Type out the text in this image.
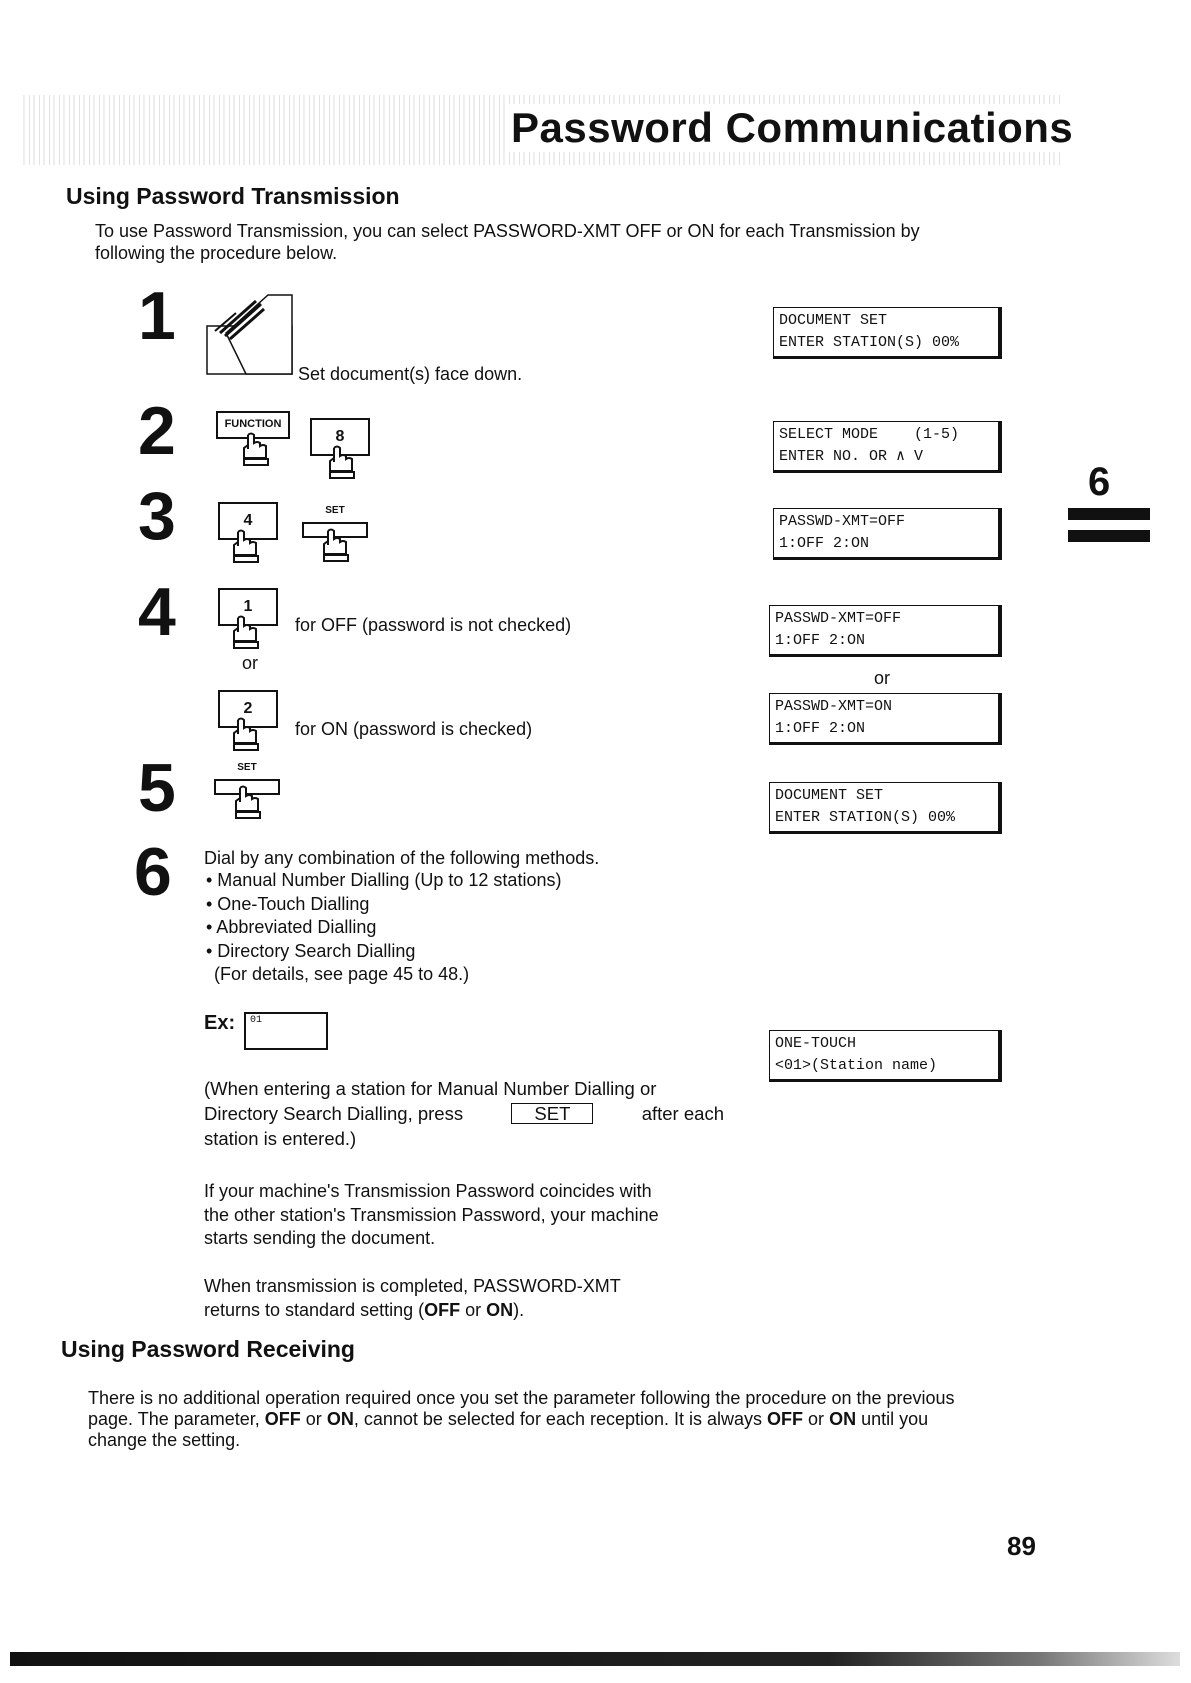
Password Communications
Using Password Transmission
To use Password Transmission, you can select PASSWORD-XMT OFF or ON for each Transmission by
following the procedure below.
1
Set document(s) face down.
2	FUNCTION
8
3	4
SET
4	1
for OFF (password is not checked)
or
2
for ON (password is checked)
5	SET
6 Dial by any combination of the following methods.
• Manual Number Dialling (Up to 12 stations)
• One-Touch Dialling
• Abbreviated Dialling
• Directory Search Dialling
(For details, see page 45 to 48.)
Ex: 01
(When entering a station for Manual Number Dialling or
Directory Search Dialling, press	SET	after each
station is entered.)
If your machine's Transmission Password coincides with
the other station's Transmission Password, your machine
starts sending the document.
When transmission is completed, PASSWORD-XMT
returns to standard setting (OFF or ON).
DOCUMENT SET
ENTER STATION(S) 00%
SELECT MODE    (1-5)
ENTER NO. OR ∧ V
PASSWD-XMT=OFF
1:OFF 2:ON
PASSWD-XMT=OFF
1:OFF 2:ON
or
PASSWD-XMT=ON
1:OFF 2:ON
DOCUMENT SET
ENTER STATION(S) 00%
ONE-TOUCH
<01>(Station name)
6
Using Password Receiving
There is no additional operation required once you set the parameter following the procedure on the previous
page. The parameter, OFF or ON, cannot be selected for each reception. It is always OFF or ON until you
change the setting.
89
